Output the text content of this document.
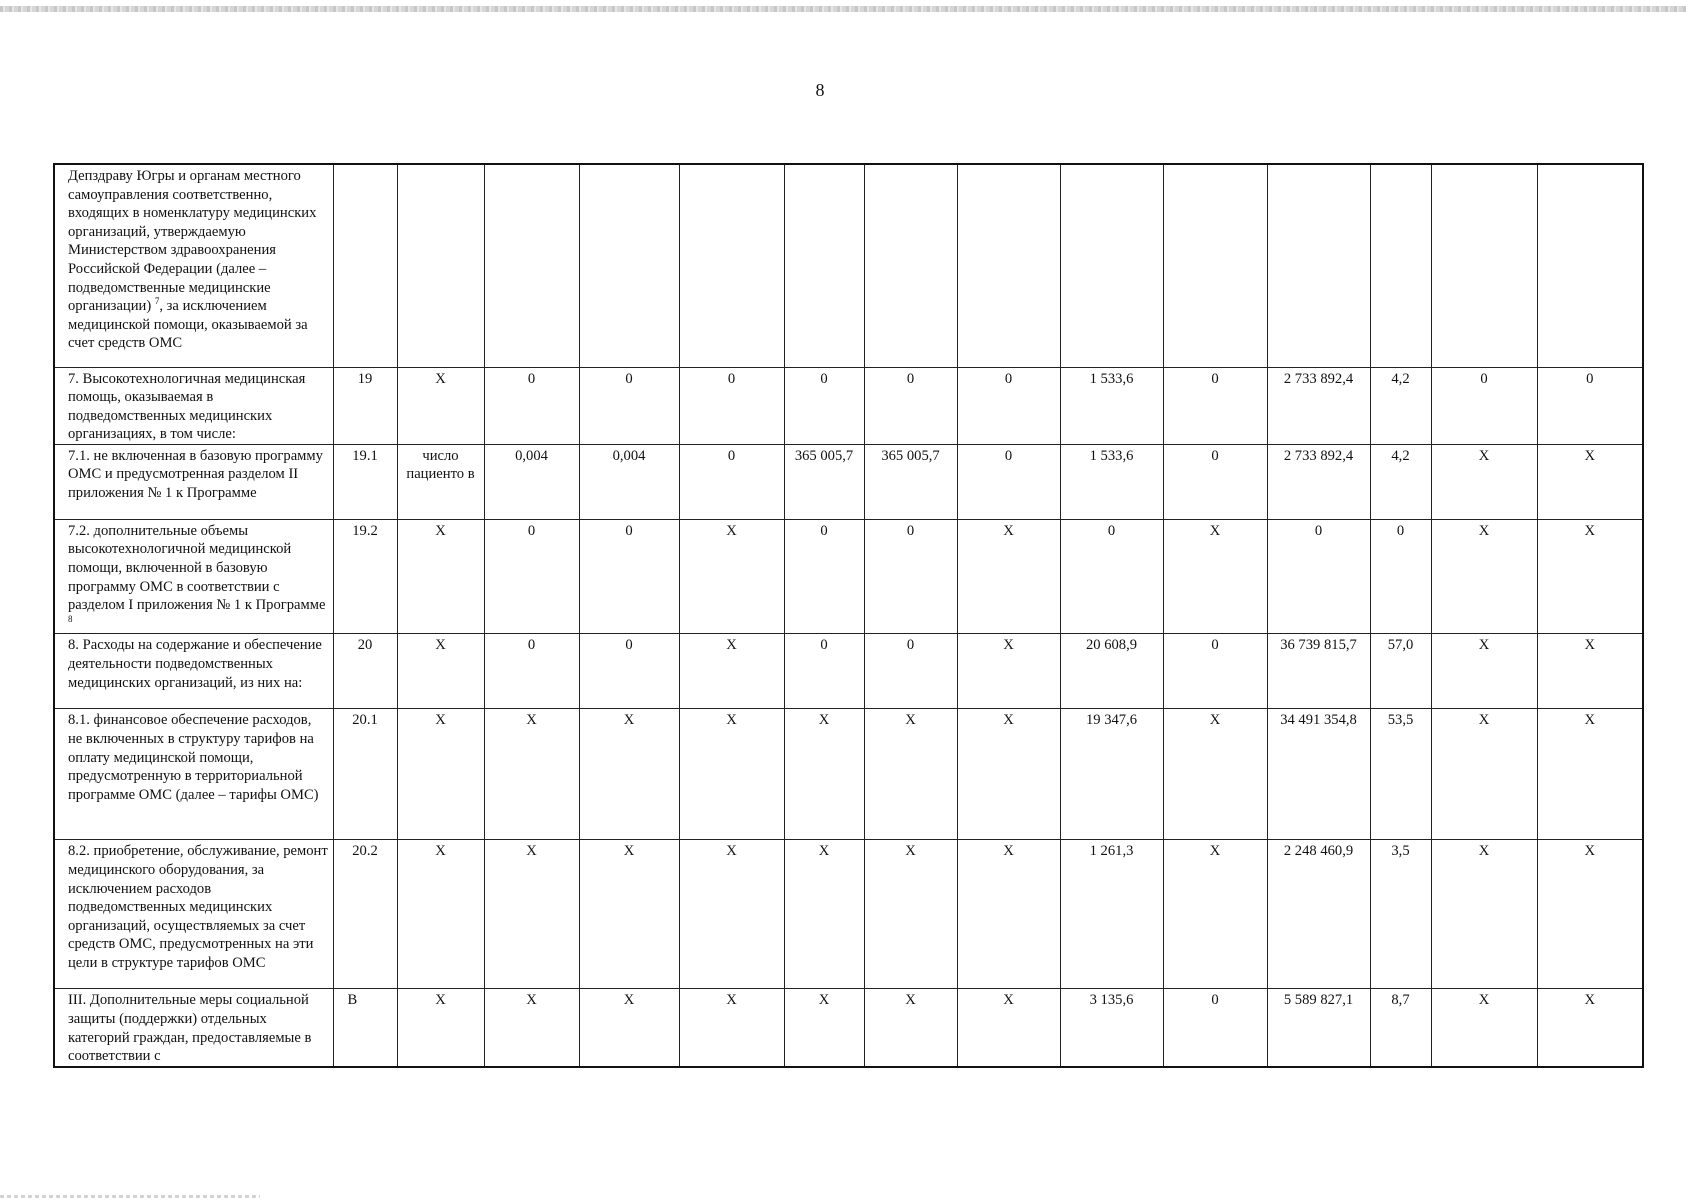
8
Депздраву Югры и органам местного самоуправления соответственно, входящих в номенклатуру медицинских организаций, утверждаемую Министерством здравоохранения Российской Федерации (далее – подведомственные медицинские организации) $^7$, за исключением медицинской помощи, оказываемой за счет средств ОМС														
7. Высокотехнологичная медицинская помощь, оказываемая в подведомственных медицинских организациях, в том числе:	19	X	0	0	0	0	0	0	1 533,6	0	2 733 892,4	4,2	0	0
7.1. не включенная в базовую программу ОМС и предусмотренная разделом II приложения № 1 к Программе	19.1	число пациенто в	0,004	0,004	0	365 005,7	365 005,7	0	1 533,6	0	2 733 892,4	4,2	X	X
7.2. дополнительные объемы высокотехнологичной медицинской помощи, включенной в базовую программу ОМС в соответствии с разделом I приложения № 1 к Программе $^8$	19.2	X	0	0	X	0	0	X	0	X	0	0	X	X
8. Расходы на содержание и обеспечение деятельности подведомственных медицинских организаций, из них на:	20	X	0	0	X	0	0	X	20 608,9	0	36 739 815,7	57,0	X	X
8.1. финансовое обеспечение расходов, не включенных в структуру тарифов на оплату медицинской помощи, предусмотренную в территориальной программе ОМС (далее – тарифы ОМС)	20.1	X	X	X	X	X	X	X	19 347,6	X	34 491 354,8	53,5	X	X
8.2. приобретение, обслуживание, ремонт медицинского оборудования, за исключением расходов подведомственных медицинских организаций, осуществляемых за счет средств ОМС, предусмотренных на эти цели в структуре тарифов ОМС	20.2	X	X	X	X	X	X	X	1 261,3	X	2 248 460,9	3,5	X	X
III. Дополнительные меры социальной защиты (поддержки) отдельных категорий граждан, предоставляемые в соответствии с	В	X	X	X	X	X	X	X	3 135,6	0	5 589 827,1	8,7	X	X
